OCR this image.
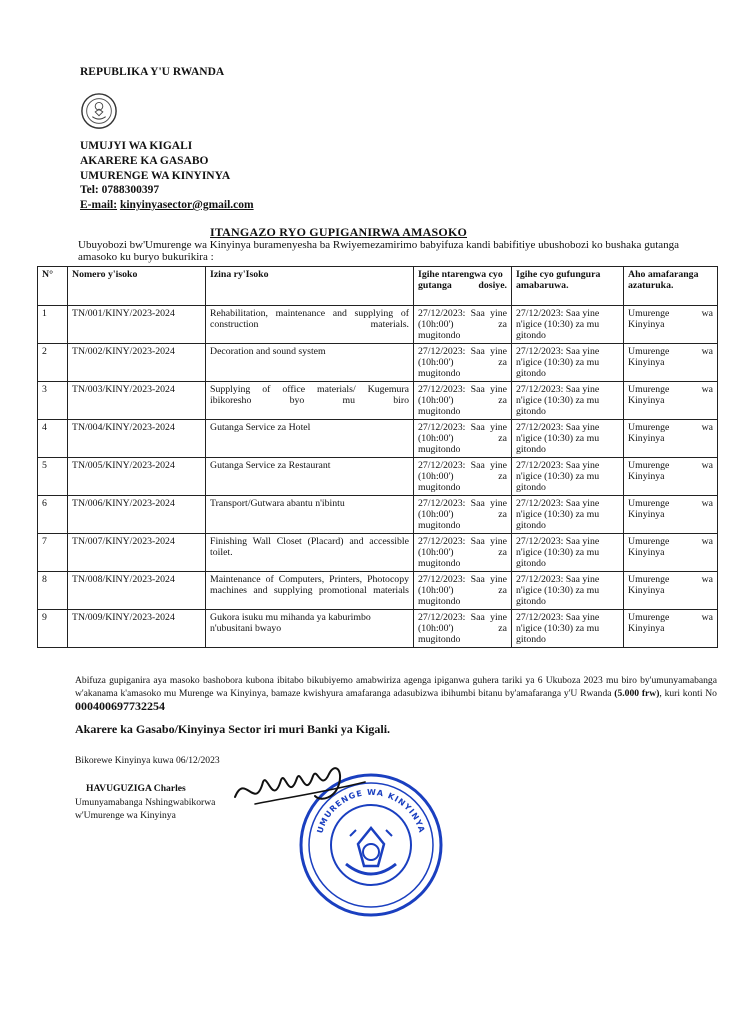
REPUBLIKA Y'U RWANDA
UMUJYI WA KIGALI
AKARERE KA GASABO
UMURENGE WA KINYINYA
Tel: 0788300397
E-mail: kinyinyasector@gmail.com
ITANGAZO RYO GUPIGANIRWA AMASOKO
Ubuyobozi bw'Umurenge wa Kinyinya buramenyesha ba Rwiyemezamirimo babyifuza kandi babifitiye ubushobozi ko bushaka gutanga amasoko ku buryo bukurikira :
N°	Nomero y'isoko	Izina ry'Isoko	Igihe ntarengwa cyo gutanga dosiye.	Igihe cyo gufungura amabaruwa.	Aho amafaranga azaturuka.
1	TN/001/KINY/2023-2024	Rehabilitation, maintenance and supplying of construction materials.	27/12/2023: Saa yine (10h:00') za mugitondo	27/12/2023: Saa yine n'igice (10:30) za mu gitondo	Umurenge wa Kinyinya
2	TN/002/KINY/2023-2024	Decoration and sound system	27/12/2023: Saa yine (10h:00') za mugitondo	27/12/2023: Saa yine n'igice (10:30) za mu gitondo	Umurenge wa Kinyinya
3	TN/003/KINY/2023-2024	Supplying of office materials/ Kugemura ibikoresho byo mu biro	27/12/2023: Saa yine (10h:00') za mugitondo	27/12/2023: Saa yine n'igice (10:30) za mu gitondo	Umurenge wa Kinyinya
4	TN/004/KINY/2023-2024	Gutanga Service za Hotel	27/12/2023: Saa yine (10h:00') za mugitondo	27/12/2023: Saa yine n'igice (10:30) za mu gitondo	Umurenge wa Kinyinya
5	TN/005/KINY/2023-2024	Gutanga Service za Restaurant	27/12/2023: Saa yine (10h:00') za mugitondo	27/12/2023: Saa yine n'igice (10:30) za mu gitondo	Umurenge wa Kinyinya
6	TN/006/KINY/2023-2024	Transport/Gutwara abantu n'ibintu	27/12/2023: Saa yine (10h:00') za mugitondo	27/12/2023: Saa yine n'igice (10:30) za mu gitondo	Umurenge wa Kinyinya
7	TN/007/KINY/2023-2024	Finishing Wall Closet (Placard) and accessible toilet.	27/12/2023: Saa yine (10h:00') za mugitondo	27/12/2023: Saa yine n'igice (10:30) za mu gitondo	Umurenge wa Kinyinya
8	TN/008/KINY/2023-2024	Maintenance of Computers, Printers, Photocopy machines and supplying promotional materials	27/12/2023: Saa yine (10h:00') za mugitondo	27/12/2023: Saa yine n'igice (10:30) za mu gitondo	Umurenge wa Kinyinya
9	TN/009/KINY/2023-2024	Gukora isuku mu mihanda ya kaburimbo n'ubusitani bwayo	27/12/2023: Saa yine (10h:00') za mugitondo	27/12/2023: Saa yine n'igice (10:30) za mu gitondo	Umurenge wa Kinyinya
Abifuza gupiganira aya masoko bashobora kubona ibitabo bikubiyemo amabwiriza agenga ipiganwa guhera tariki ya 6 Ukuboza 2023 mu biro by'umunyamabanga w'akanama k'amasoko mu Murenge wa Kinyinya, bamaze kwishyura amafaranga adasubizwa ibihumbi bitanu by'amafaranga y'U Rwanda (5.000 frw), kuri konti No 000400697732254
Akarere ka Gasabo/Kinyinya Sector iri muri Banki ya Kigali.
Bikorewe Kinyinya kuwa 06/12/2023
HAVUGUZIGA Charles
Umunyamabanga Nshingwabikorwa
w'Umurenge wa Kinyinya
UMURENGE WA KINYINYA
